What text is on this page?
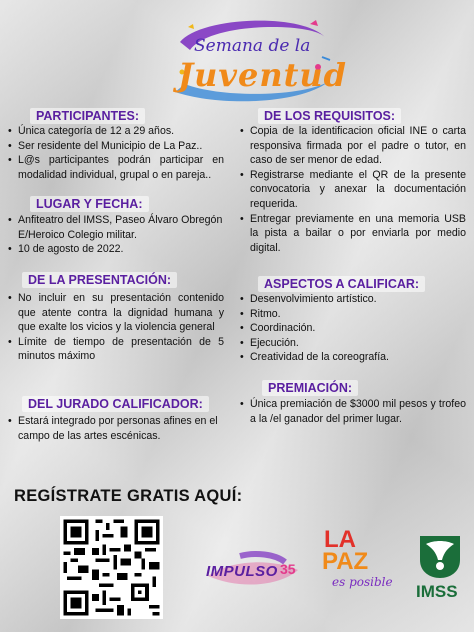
Semana de la
Juventud
PARTICIPANTES:
• Única categoría de 12 a 29 años.
• Ser residente del Municipio de La Paz..
• L@s participantes podrán participar en modalidad individual, grupal o en pareja..
LUGAR Y FECHA:
• Anfiteatro del IMSS, Paseo Álvaro Obregón E/Heroico Colegio militar.
• 10 de agosto de 2022.
DE LA PRESENTACIÓN:
• No incluir en su presentación contenido que atente contra la dignidad humana y que exalte los vicios y la violencia general
• Límite de tiempo de presentación de 5 minutos máximo
DEL JURADO CALIFICADOR:
• Estará integrado por personas afines en el campo de las artes escénicas.
DE LOS REQUISITOS:
• Copia de la identificacion oficial INE o carta responsiva firmada por el padre o tutor, en caso de ser menor de edad.
• Registrarse mediante el QR de la presente convocatoria y anexar la documentación requerida.
• Entregar previamente en una memoria USB la pista a bailar o por enviarla por medio digital.
ASPECTOS A CALIFICAR:
• Desenvolvimiento artístico.
• Ritmo.
• Coordinación.
• Ejecución.
• Creatividad de la coreografía.
PREMIACIÓN:
• Única premiación de $3000 mil pesos y trofeo a la /el ganador del primer lugar.
REGÍSTRATE GRATIS AQUÍ:
IMPULSO 35
LA
PAZ
es posible IMSS
